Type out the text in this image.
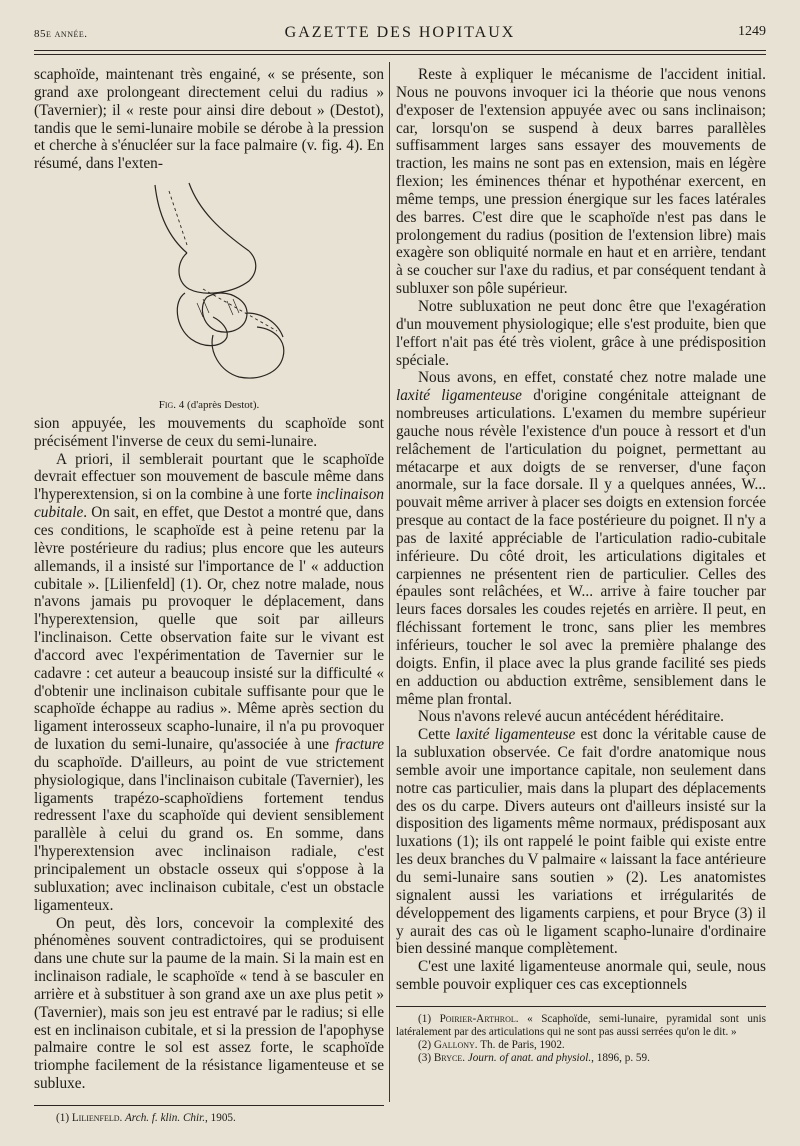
85e année.	GAZETTE DES HOPITAUX	1249

scaphoïde, maintenant très engainé, « se présente, son grand axe prolongeant directement celui du radius » (Tavernier); il « reste pour ainsi dire debout » (Destot), tandis que le semi-lunaire mobile se dérobe à la pression et cherche à s'énucléer sur la face palmaire (v. fig. 4). En résumé, dans l'exten-

Fig. 4 (d'après Destot).

sion appuyée, les mouvements du scaphoïde sont précisément l'inverse de ceux du semi-lunaire.

A priori, il semblerait pourtant que le scaphoïde devrait effectuer son mouvement de bascule même dans l'hyperextension, si on la combine à une forte inclinaison cubitale. On sait, en effet, que Destot a montré que, dans ces conditions, le scaphoïde est à peine retenu par la lèvre postérieure du radius; plus encore que les auteurs allemands, il a insisté sur l'importance de l' « adduction cubitale ». [Lilienfeld] (1). Or, chez notre malade, nous n'avons jamais pu provoquer le déplacement, dans l'hyperextension, quelle que soit par ailleurs l'inclinaison. Cette observation faite sur le vivant est d'accord avec l'expérimentation de Tavernier sur le cadavre : cet auteur a beaucoup insisté sur la difficulté « d'obtenir une inclinaison cubitale suffisante pour que le scaphoïde échappe au radius ». Même après section du ligament interosseux scapho-lunaire, il n'a pu provoquer de luxation du semi-lunaire, qu'associée à une fracture du scaphoïde. D'ailleurs, au point de vue strictement physiologique, dans l'inclinaison cubitale (Tavernier), les ligaments trapézo-scaphoïdiens fortement tendus redressent l'axe du scaphoïde qui devient sensiblement parallèle à celui du grand os. En somme, dans l'hyperextension avec inclinaison radiale, c'est principalement un obstacle osseux qui s'oppose à la subluxation; avec inclinaison cubitale, c'est un obstacle ligamenteux.

On peut, dès lors, concevoir la complexité des phénomènes souvent contradictoires, qui se produisent dans une chute sur la paume de la main. Si la main est en inclinaison radiale, le scaphoïde « tend à se basculer en arrière et à substituer à son grand axe un axe plus petit » (Tavernier), mais son jeu est entravé par le radius; si elle est en inclinaison cubitale, et si la pression de l'apophyse palmaire contre le sol est assez forte, le scaphoïde triomphe facilement de la résistance ligamenteuse et se subluxe.

(1) Lilienfeld. Arch. f. klin. Chir., 1905.

Reste à expliquer le mécanisme de l'accident initial. Nous ne pouvons invoquer ici la théorie que nous venons d'exposer de l'extension appuyée avec ou sans inclinaison; car, lorsqu'on se suspend à deux barres parallèles suffisamment larges sans essayer des mouvements de traction, les mains ne sont pas en extension, mais en légère flexion; les éminences thénar et hypothénar exercent, en même temps, une pression énergique sur les faces latérales des barres. C'est dire que le scaphoïde n'est pas dans le prolongement du radius (position de l'extension libre) mais exagère son obliquité normale en haut et en arrière, tendant à se coucher sur l'axe du radius, et par conséquent tendant à subluxer son pôle supérieur.

Notre subluxation ne peut donc être que l'exagération d'un mouvement physiologique; elle s'est produite, bien que l'effort n'ait pas été très violent, grâce à une prédisposition spéciale.

Nous avons, en effet, constaté chez notre malade une laxité ligamenteuse d'origine congénitale atteignant de nombreuses articulations. L'examen du membre supérieur gauche nous révèle l'existence d'un pouce à ressort et d'un relâchement de l'articulation du poignet, permettant au métacarpe et aux doigts de se renverser, d'une façon anormale, sur la face dorsale. Il y a quelques années, W... pouvait même arriver à placer ses doigts en extension forcée presque au contact de la face postérieure du poignet. Il n'y a pas de laxité appréciable de l'articulation radio-cubitale inférieure. Du côté droit, les articulations digitales et carpiennes ne présentent rien de particulier. Celles des épaules sont relâchées, et W... arrive à faire toucher par leurs faces dorsales les coudes rejetés en arrière. Il peut, en fléchissant fortement le tronc, sans plier les membres inférieurs, toucher le sol avec la première phalange des doigts. Enfin, il place avec la plus grande facilité ses pieds en adduction ou abduction extrême, sensiblement dans le même plan frontal.

Nous n'avons relevé aucun antécédent héréditaire.

Cette laxité ligamenteuse est donc la véritable cause de la subluxation observée. Ce fait d'ordre anatomique nous semble avoir une importance capitale, non seulement dans notre cas particulier, mais dans la plupart des déplacements des os du carpe. Divers auteurs ont d'ailleurs insisté sur la disposition des ligaments même normaux, prédisposant aux luxations (1); ils ont rappelé le point faible qui existe entre les deux branches du V palmaire « laissant la face antérieure du semi-lunaire sans soutien » (2). Les anatomistes signalent aussi les variations et irrégularités de développement des ligaments carpiens, et pour Bryce (3) il y aurait des cas où le ligament scapho-lunaire d'ordinaire bien dessiné manque complètement.

C'est une laxité ligamenteuse anormale qui, seule, nous semble pouvoir expliquer ces cas exceptionnels

(1) Poirier-Arthrol. « Scaphoïde, semi-lunaire, pyramidal sont unis latéralement par des articulations qui ne sont pas aussi serrées qu'on le dit. »

(2) Gallony. Th. de Paris, 1902.

(3) Bryce. Journ. of anat. and physiol., 1896, p. 59.
